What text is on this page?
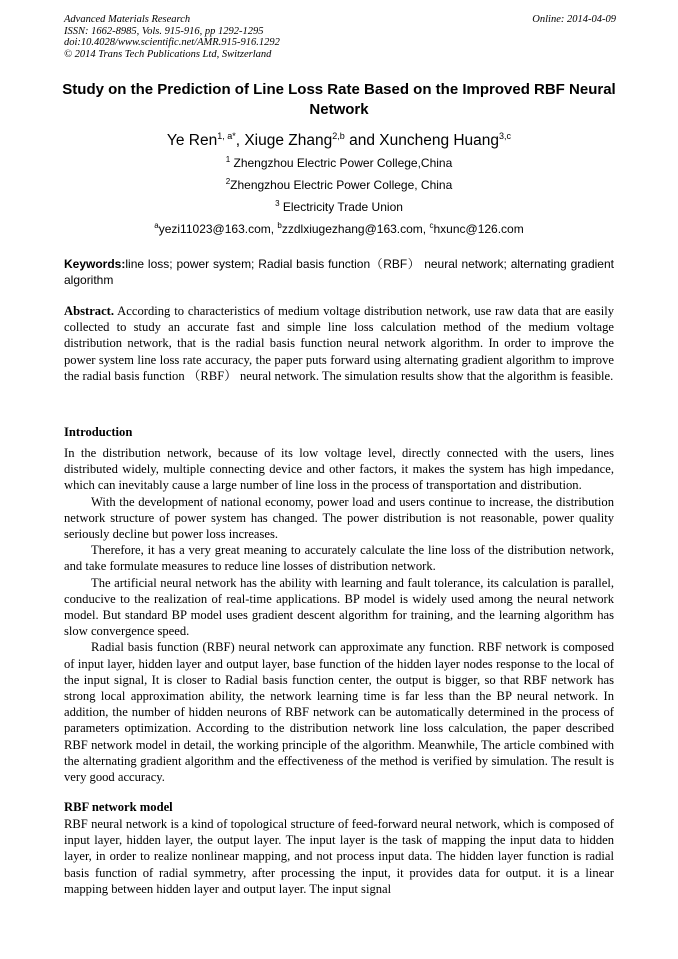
Advanced Materials Research
ISSN: 1662-8985, Vols. 915-916, pp 1292-1295
doi:10.4028/www.scientific.net/AMR.915-916.1292
© 2014 Trans Tech Publications Ltd, Switzerland
Online: 2014-04-09
Study on the Prediction of Line Loss Rate Based on the Improved RBF Neural Network
Ye Ren$^{1, a*}$, Xiuge Zhang$^{2,b}$ and Xuncheng Huang$^{3,c}$
$^1$ Zhengzhou Electric Power College,China
$^2$Zhengzhou Electric Power College, China
$^3$ Electricity Trade Union
$^a$yezi11023@163.com, $^b$zzdlxiugezhang@163.com, $^c$hxunc@126.com
Keywords:line loss; power system; Radial basis function（RBF） neural network; alternating gradient algorithm

Abstract. According to characteristics of medium voltage distribution network, use raw data that are easily collected to study an accurate fast and simple line loss calculation method of the medium voltage distribution network, that is the radial basis function neural network algorithm. In order to improve the power system line loss rate accuracy, the paper puts forward using alternating gradient algorithm to improve the radial basis function （RBF） neural network. The simulation results show that the algorithm is feasible.

Introduction

In the distribution network, because of its low voltage level, directly connected with the users, lines distributed widely, multiple connecting device and other factors, it makes the system has high impedance, which can inevitably cause a large number of line loss in the process of transportation and distribution.

With the development of national economy, power load and users continue to increase, the distribution network structure of power system has changed. The power distribution is not reasonable, power quality seriously decline but power loss increases.

Therefore, it has a very great meaning to accurately calculate the line loss of the distribution network, and take formulate measures to reduce line losses of distribution network.

The artificial neural network has the ability with learning and fault tolerance, its calculation is parallel, conducive to the realization of real-time applications. BP model is widely used among the neural network model. But standard BP model uses gradient descent algorithm for training, and the learning algorithm has slow convergence speed.

Radial basis function (RBF) neural network can approximate any function. RBF network is composed of input layer, hidden layer and output layer, base function of the hidden layer nodes response to the local of the input signal, It is closer to Radial basis function center, the output is bigger, so that RBF network has strong local approximation ability, the network learning time is far less than the BP neural network. In addition, the number of hidden neurons of RBF network can be automatically determined in the process of parameters optimization. According to the distribution network line loss calculation, the paper described RBF network model in detail, the working principle of the algorithm. Meanwhile, The article combined with the alternating gradient algorithm and the effectiveness of the method is verified by simulation. The result is very good accuracy.

RBF network model

RBF neural network is a kind of topological structure of feed-forward neural network, which is composed of input layer, hidden layer, the output layer. The input layer is the task of mapping the input data to hidden layer, in order to realize nonlinear mapping, and not process input data. The hidden layer function is radial basis function of radial symmetry, after processing the input, it provides data for output. it is a linear mapping between hidden layer and output layer. The input signal
